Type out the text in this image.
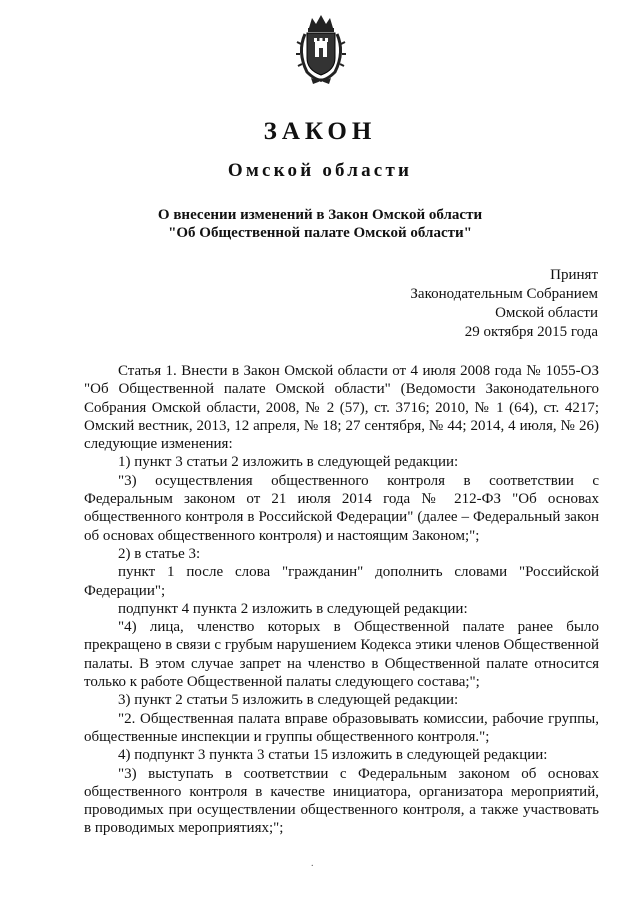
ЗАКОН
Омской области
О внесении изменений в Закон Омской области
"Об Общественной палате Омской области"
Принят
Законодательным Собранием
Омской области
29 октября 2015 года

Статья 1. Внести в Закон Омской области от 4 июля 2008 года № 1055-ОЗ "Об Общественной палате Омской области" (Ведомости Законодательного Собрания Омской области, 2008, № 2 (57), ст. 3716; 2010, № 1 (64), ст. 4217; Омский вестник, 2013, 12 апреля, № 18; 27 сентября, № 44; 2014, 4 июля, № 26) следующие изменения:

1) пункт 3 статьи 2 изложить в следующей редакции:

"3) осуществления общественного контроля в соответствии с Федеральным законом от 21 июля 2014 года № 212-ФЗ "Об основах общественного контроля в Российской Федерации" (далее – Федеральный закон об основах общественного контроля) и настоящим Законом;";

2) в статье 3:

пункт 1 после слова "гражданин" дополнить словами "Российской Федерации";

подпункт 4 пункта 2 изложить в следующей редакции:

"4) лица, членство которых в Общественной палате ранее было прекращено в связи с грубым нарушением Кодекса этики членов Общественной палаты. В этом случае запрет на членство в Общественной палате относится только к работе Общественной палаты следующего состава;";

3) пункт 2 статьи 5 изложить в следующей редакции:

"2. Общественная палата вправе образовывать комиссии, рабочие группы, общественные инспекции и группы общественного контроля.";

4) подпункт 3 пункта 3 статьи 15 изложить в следующей редакции:

"3) выступать в соответствии с Федеральным законом об основах общественного контроля в качестве инициатора, организатора мероприятий, проводимых при осуществлении общественного контроля, а также участвовать в проводимых мероприятиях;";

.
